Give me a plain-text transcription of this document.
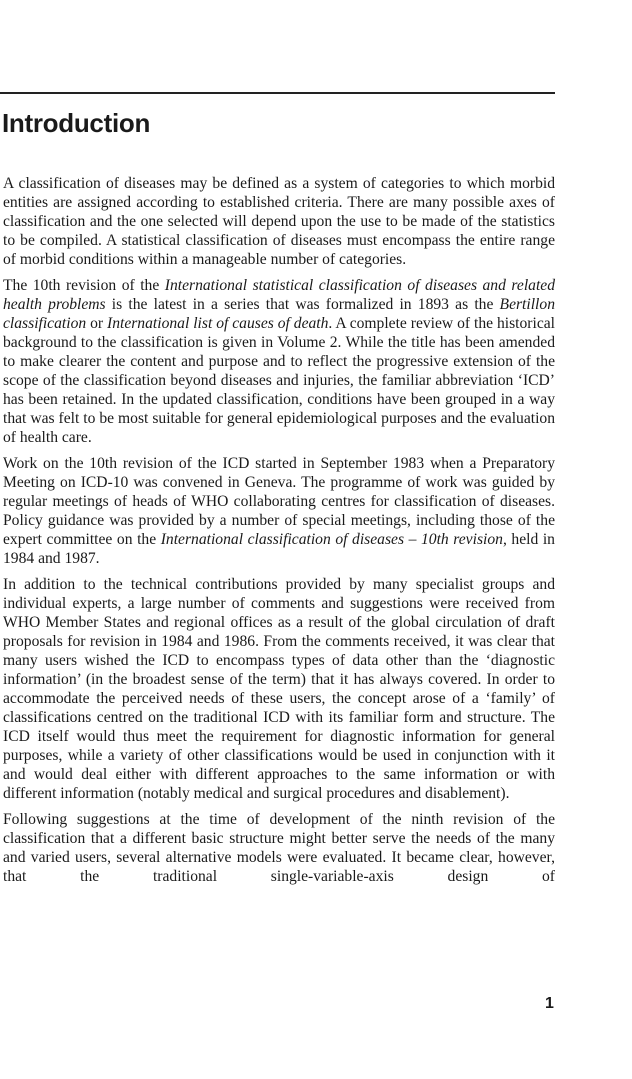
Introduction

A classification of diseases may be defined as a system of categories to which morbid entities are assigned according to established criteria. There are many possible axes of classification and the one selected will depend upon the use to be made of the statistics to be compiled. A statistical classification of diseases must encompass the entire range of morbid conditions within a manageable number of categories.

The 10th revision of the International statistical classification of diseases and related health problems is the latest in a series that was formalized in 1893 as the Bertillon classification or International list of causes of death. A complete review of the historical background to the classification is given in Volume 2. While the title has been amended to make clearer the content and purpose and to reflect the progressive extension of the scope of the classification beyond diseases and injuries, the familiar abbreviation ‘ICD’ has been retained. In the updated classification, conditions have been grouped in a way that was felt to be most suitable for general epidemiological purposes and the evaluation of health care.

Work on the 10th revision of the ICD started in September 1983 when a Preparatory Meeting on ICD-10 was convened in Geneva. The programme of work was guided by regular meetings of heads of WHO collaborating centres for classification of diseases. Policy guidance was provided by a number of special meetings, including those of the expert committee on the International classification of diseases – 10th revision, held in 1984 and 1987.

In addition to the technical contributions provided by many specialist groups and individual experts, a large number of comments and suggestions were received from WHO Member States and regional offices as a result of the global circulation of draft proposals for revision in 1984 and 1986. From the comments received, it was clear that many users wished the ICD to encompass types of data other than the ‘diagnostic information’ (in the broadest sense of the term) that it has always covered. In order to accommodate the perceived needs of these users, the concept arose of a ‘family’ of classifications centred on the traditional ICD with its familiar form and structure. The ICD itself would thus meet the requirement for diagnostic information for general purposes, while a variety of other classifications would be used in conjunction with it and would deal either with different approaches to the same information or with different information (notably medical and surgical procedures and disablement).

Following suggestions at the time of development of the ninth revision of the classification that a different basic structure might better serve the needs of the many and varied users, several alternative models were evaluated. It became clear, however, that the traditional single-variable-axis design of

1
